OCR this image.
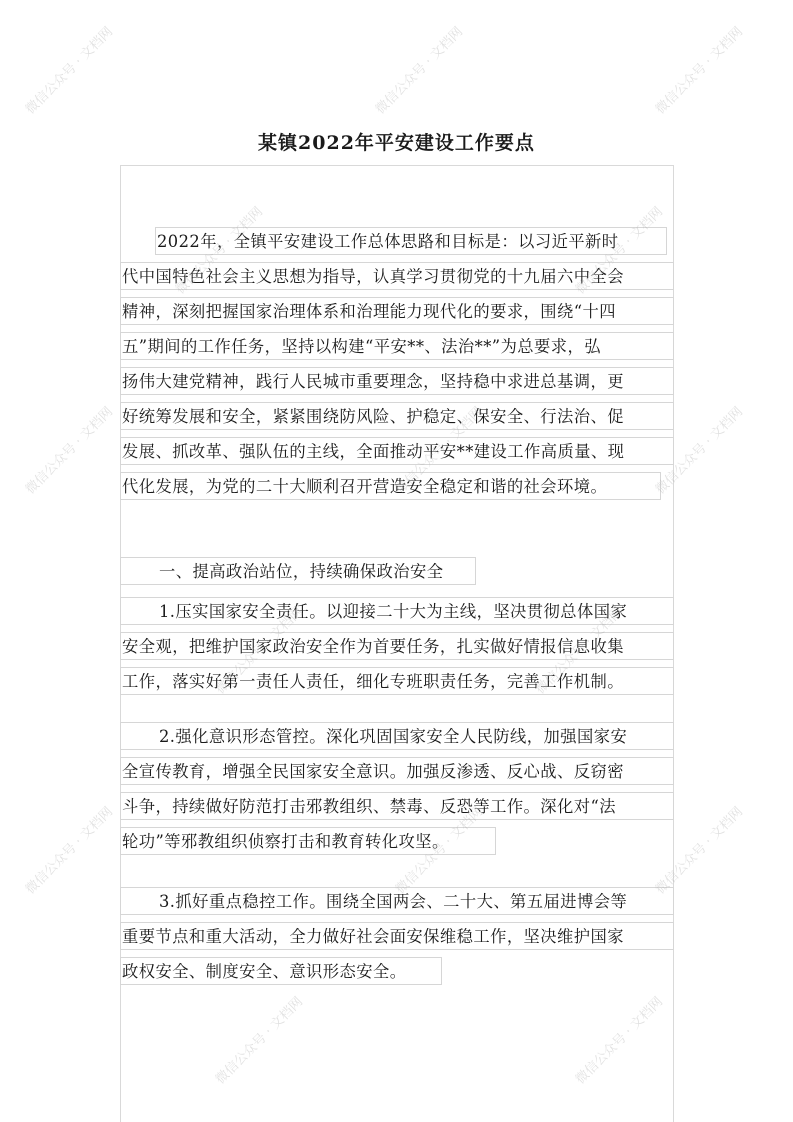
某镇2022年平安建设工作要点
2022年，全镇平安建设工作总体思路和目标是：以习近平新时
代中国特色社会主义思想为指导，认真学习贯彻党的十九届六中全会
精神，深刻把握国家治理体系和治理能力现代化的要求，围绕“十四
五”期间的工作任务，坚持以构建“平安**、法治**”为总要求，弘
扬伟大建党精神，践行人民城市重要理念，坚持稳中求进总基调，更
好统筹发展和安全，紧紧围绕防风险、护稳定、保安全、行法治、促
发展、抓改革、强队伍的主线，全面推动平安**建设工作高质量、现
代化发展，为党的二十大顺利召开营造安全稳定和谐的社会环境。
一、提高政治站位，持续确保政治安全
1.压实国家安全责任。以迎接二十大为主线，坚决贯彻总体国家
安全观，把维护国家政治安全作为首要任务，扎实做好情报信息收集
工作，落实好第一责任人责任，细化专班职责任务，完善工作机制。
2.强化意识形态管控。深化巩固国家安全人民防线，加强国家安
全宣传教育，增强全民国家安全意识。加强反渗透、反心战、反窃密
斗争，持续做好防范打击邪教组织、禁毒、反恐等工作。深化对“法
轮功”等邪教组织侦察打击和教育转化攻坚。
3.抓好重点稳控工作。围绕全国两会、二十大、第五届进博会等
重要节点和重大活动，全力做好社会面安保维稳工作，坚决维护国家
政权安全、制度安全、意识形态安全。
微信公众号 · 文档网	微信公众号 · 文档网	微信公众号 · 文档网
微信公众号 · 文档网	微信公众号 · 文档网
微信公众号 · 文档网	微信公众号 · 文档网	微信公众号 · 文档网
微信公众号 · 文档网	微信公众号 · 文档网
微信公众号 · 文档网	微信公众号 · 文档网	微信公众号 · 文档网
微信公众号 · 文档网	微信公众号 · 文档网
